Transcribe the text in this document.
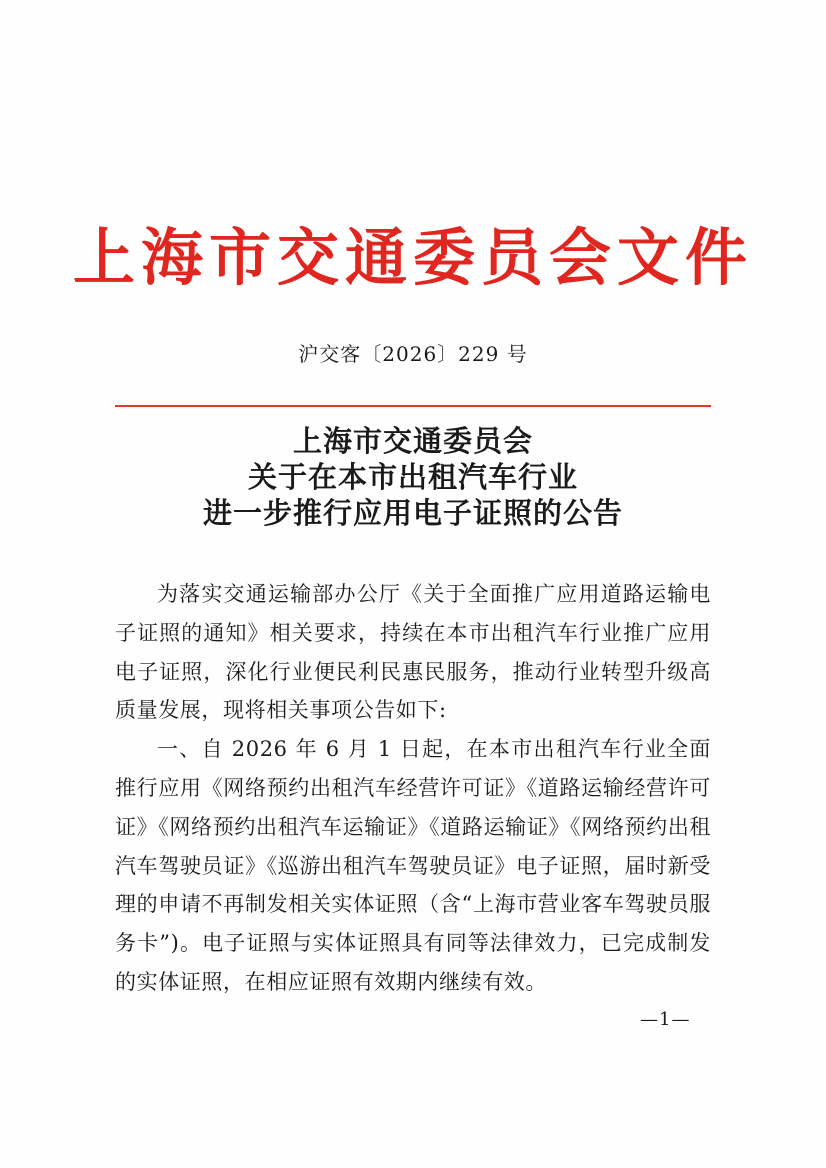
上海市交通委员会文件
沪交客〔2026〕229 号
上海市交通委员会
关于在本市出租汽车行业
进一步推行应用电子证照的公告

为落实交通运输部办公厅《关于全面推广应用道路运输电子证照的通知》相关要求，持续在本市出租汽车行业推广应用电子证照，深化行业便民利民惠民服务，推动行业转型升级高质量发展，现将相关事项公告如下:

一、自 2026 年 6 月 1 日起，在本市出租汽车行业全面推行应用《网络预约出租汽车经营许可证》《道路运输经营许可证》《网络预约出租汽车运输证》《道路运输证》《网络预约出租汽车驾驶员证》《巡游出租汽车驾驶员证》电子证照，届时新受理的申请不再制发相关实体证照（含“上海市营业客车驾驶员服务卡”)。电子证照与实体证照具有同等法律效力，已完成制发的实体证照，在相应证照有效期内继续有效。

—1—
